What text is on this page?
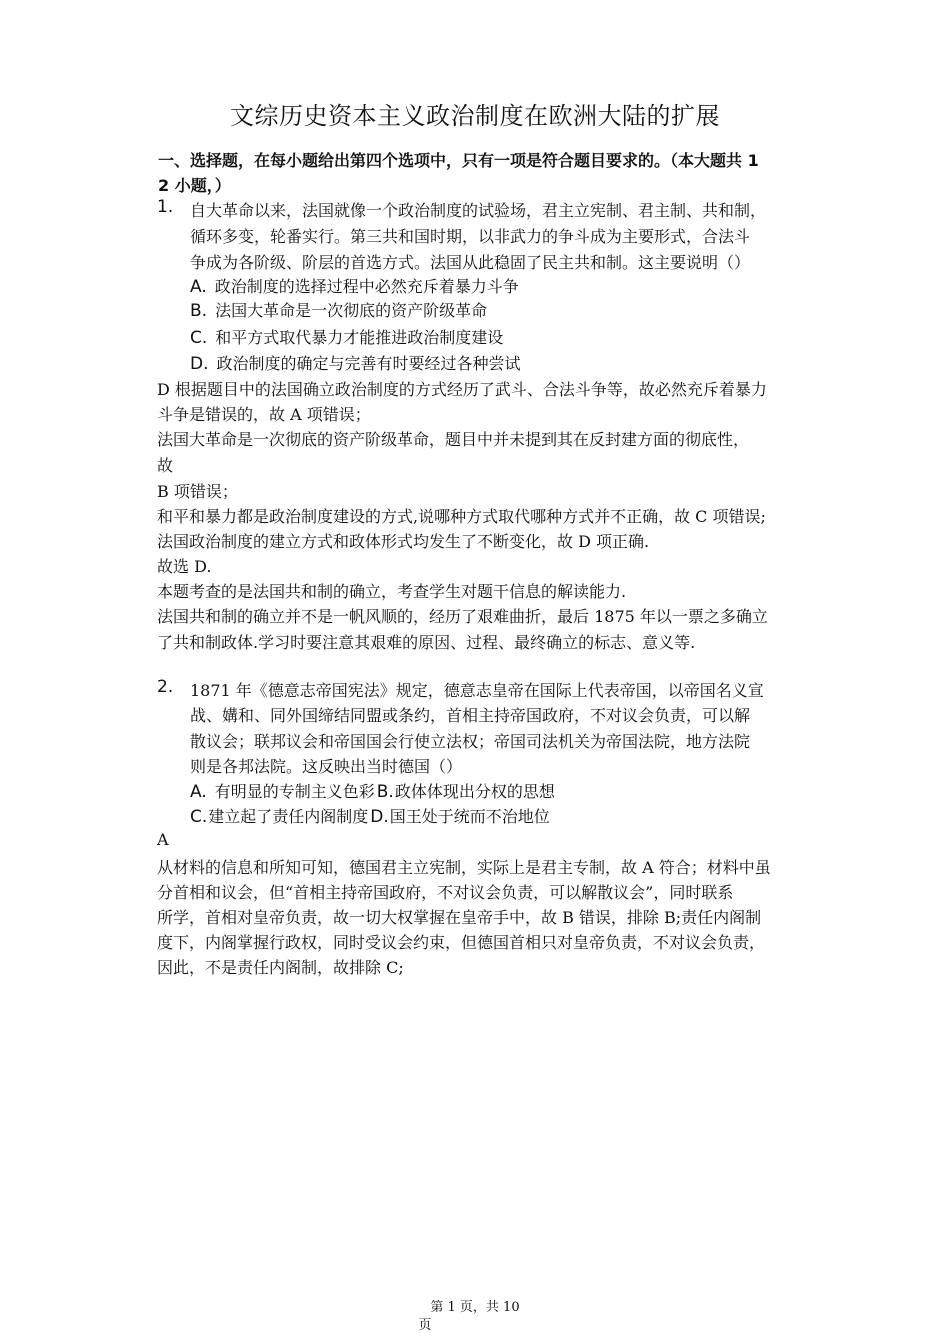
文综历史资本主义政治制度在欧洲大陆的扩展
一、选择题，在每小题给出第四个选项中，只有一项是符合题目要求的。（本大题共 1
2 小题，）
1. 自大革命以来，法国就像一个政治制度的试验场，君主立宪制、君主制、共和制，
循环多变，轮番实行。第三共和国时期，以非武力的争斗成为主要形式，合法斗
争成为各阶级、阶层的首选方式。法国从此稳固了民主共和制。这主要说明（）
A. 政治制度的选择过程中必然充斥着暴力斗争
B. 法国大革命是一次彻底的资产阶级革命
C. 和平方式取代暴力才能推进政治制度建设
D. 政治制度的确定与完善有时要经过各种尝试
D 根据题目中的法国确立政治制度的方式经历了武斗、合法斗争等，故必然充斥着暴力
斗争是错误的，故 A 项错误；
法国大革命是一次彻底的资产阶级革命，题目中并未提到其在反封建方面的彻底性，
故
B 项错误；
和平和暴力都是政治制度建设的方式,说哪种方式取代哪种方式并不正确，故 C 项错误;
法国政治制度的建立方式和政体形式均发生了不断变化，故 D 项正确.
故选 D.
本题考查的是法国共和制的确立，考查学生对题干信息的解读能力.
法国共和制的确立并不是一帆风顺的，经历了艰难曲折，最后 1875 年以一票之多确立
了共和制政体.学习时要注意其艰难的原因、过程、最终确立的标志、意义等.
2. 1871 年《德意志帝国宪法》规定，德意志皇帝在国际上代表帝国，以帝国名义宣
战、媾和、同外国缔结同盟或条约，首相主持帝国政府，不对议会负责，可以解
散议会；联邦议会和帝国国会行使立法权；帝国司法机关为帝国法院，地方法院
则是各邦法院。这反映出当时德国（）
A. 有明显的专制主义色彩 B.政体体现出分权的思想
C.建立起了责任内阁制度 D.国王处于统而不治地位
A
从材料的信息和所知可知，德国君主立宪制，实际上是君主专制，故 A 符合；材料中虽
分首相和议会，但“首相主持帝国政府，不对议会负责，可以解散议会”，同时联系
所学，首相对皇帝负责，故一切大权掌握在皇帝手中，故 B 错误，排除 B;责任内阁制
度下，内阁掌握行政权，同时受议会约束，但德国首相只对皇帝负责，不对议会负责，
因此，不是责任内阁制，故排除 C;
第 1 页，共 10
页
